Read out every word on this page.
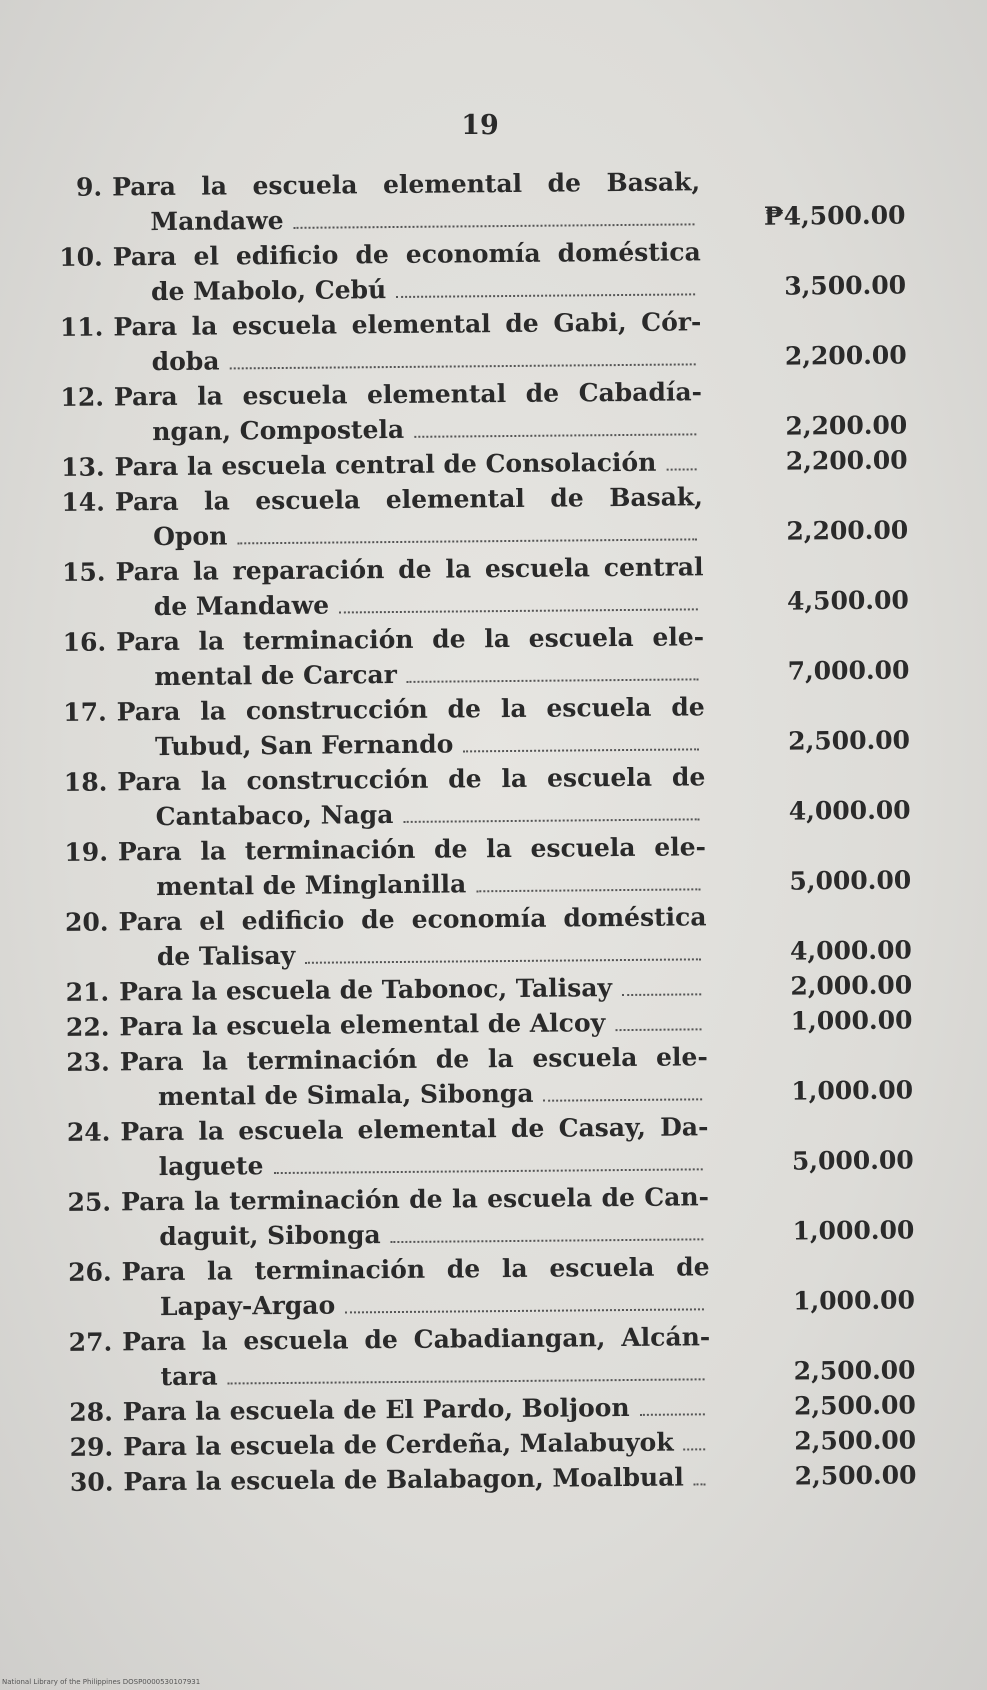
19
9. Para la escuela elemental de Basak,
Mandawe	₱4,500.00
10. Para el edificio de economía doméstica
de Mabolo, Cebú	3,500.00
11. Para la escuela elemental de Gabi, Cór-
doba	2,200.00
12. Para la escuela elemental de Cabadía-
ngan, Compostela	2,200.00
13. Para la escuela central de Consolación	2,200.00
14. Para la escuela elemental de Basak,
Opon	2,200.00
15. Para la reparación de la escuela central
de Mandawe	4,500.00
16. Para la terminación de la escuela ele-
mental de Carcar	7,000.00
17. Para la construcción de la escuela de
Tubud, San Fernando	2,500.00
18. Para la construcción de la escuela de
Cantabaco, Naga	4,000.00
19. Para la terminación de la escuela ele-
mental de Minglanilla	5,000.00
20. Para el edificio de economía doméstica
de Talisay	4,000.00
21. Para la escuela de Tabonoc, Talisay	2,000.00
22. Para la escuela elemental de Alcoy	1,000.00
23. Para la terminación de la escuela ele-
mental de Simala, Sibonga	1,000.00
24. Para la escuela elemental de Casay, Da-
laguete	5,000.00
25. Para la terminación de la escuela de Can-
daguit, Sibonga	1,000.00
26. Para la terminación de la escuela de
Lapay-Argao	1,000.00
27. Para la escuela de Cabadiangan, Alcán-
tara	2,500.00
28. Para la escuela de El Pardo, Boljoon	2,500.00
29. Para la escuela de Cerdeña, Malabuyok	2,500.00
30. Para la escuela de Balabagon, Moalbual	2,500.00
National Library of the Philippines DOSP0000530107931
